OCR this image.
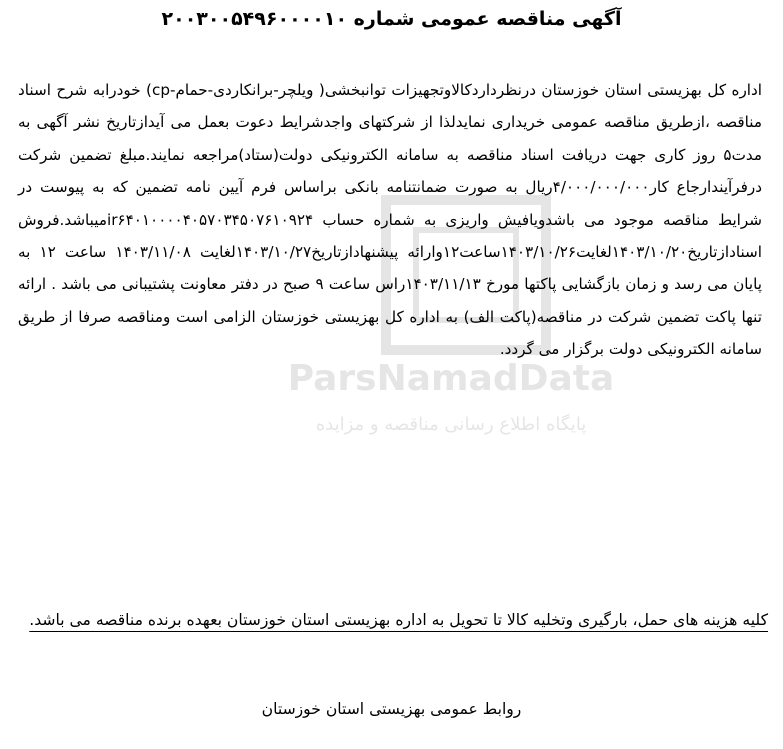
ParsNamadData
پایگاه اطلاع رسانی مناقصه و مزایده
آگهی مناقصه عمومی شماره ۲۰۰۳۰۰۵۴۹۶۰۰۰۰۱۰

اداره کل بهزیستی استان خوزستان درنظرداردکالاوتجهیزات توانبخشی( ویلچر-برانکاردی-حمام-cp) خودرابه شرح اسناد مناقصه ،ازطریق مناقصه عمومی خریداری نمایدلذا از شرکتهای واجدشرایط دعوت بعمل می آیدازتاریخ نشر آگهی به مدت۵ روز کاری جهت دریافت اسناد مناقصه به سامانه الکترونیکی دولت(ستاد)مراجعه نمایند.مبلغ تضمین شرکت درفرآیندارجاع کار۴/۰۰۰/۰۰۰/۰۰۰ریال به صورت ضمانتنامه بانکی براساس فرم آیین نامه تضمین که به پیوست در شرایط مناقصه موجود می باشدویافیش واریزی به شماره حساب ir۶۴۰۱۰۰۰۰۴۰۵۷۰۳۴۵۰۷۶۱۰۹۲۴میباشد.فروش اسنادازتاریخ۱۴۰۳/۱۰/۲۰لغایت۱۴۰۳/۱۰/۲۶ساعت۱۲وارائه پیشنهادازتاریخ۱۴۰۳/۱۰/۲۷لغایت ۱۴۰۳/۱۱/۰۸ ساعت ۱۲ به پایان می رسد و زمان بازگشایی پاکتها مورخ ۱۴۰۳/۱۱/۱۳راس ساعت ۹ صبح در دفتر معاونت پشتیبانی می باشد . ارائه تنها پاکت تضمین شرکت در مناقصه(پاکت الف) به اداره کل بهزیستی خوزستان الزامی است ومناقصه صرفا از طریق سامانه الکترونیکی دولت برگزار می گردد.

کلیه هزینه های حمل، بارگیری وتخلیه کالا تا تحویل به اداره بهزیستی استان خوزستان بعهده برنده مناقصه می باشد.
روابط عمومی بهزیستی استان خوزستان
